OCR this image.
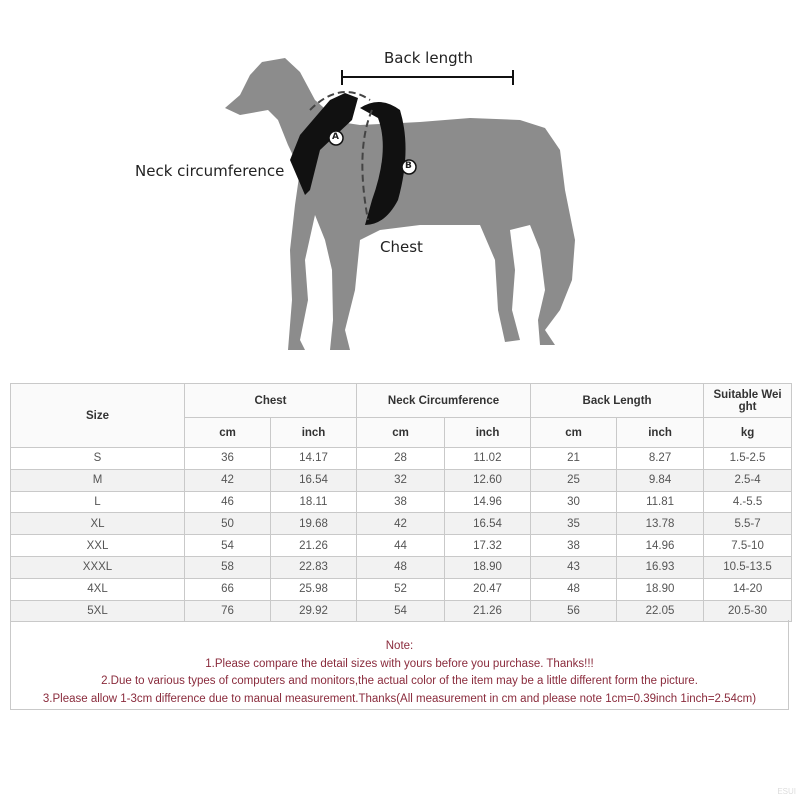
A
B
Back length
Neck circumference
Chest
Size	Chest		Neck Circumference		Back Length		Suitable Wei ght
	cm	inch	cm	inch	cm	inch	kg
S	36	14.17	28	11.02	21	8.27	1.5-2.5
M	42	16.54	32	12.60	25	9.84	2.5-4
L	46	18.11	38	14.96	30	11.81	4.-5.5
XL	50	19.68	42	16.54	35	13.78	5.5-7
XXL	54	21.26	44	17.32	38	14.96	7.5-10
XXXL	58	22.83	48	18.90	43	16.93	10.5-13.5
4XL	66	25.98	52	20.47	48	18.90	14-20
5XL	76	29.92	54	21.26	56	22.05	20.5-30
Note:
1.Please compare the detail sizes with yours before you purchase. Thanks!!!
2.Due to various types of computers and monitors,the actual color of the item may be a little different form the picture.
3.Please allow 1-3cm difference due to manual measurement.Thanks(All measurement in cm and please note 1cm=0.39inch 1inch=2.54cm)
ESUI
